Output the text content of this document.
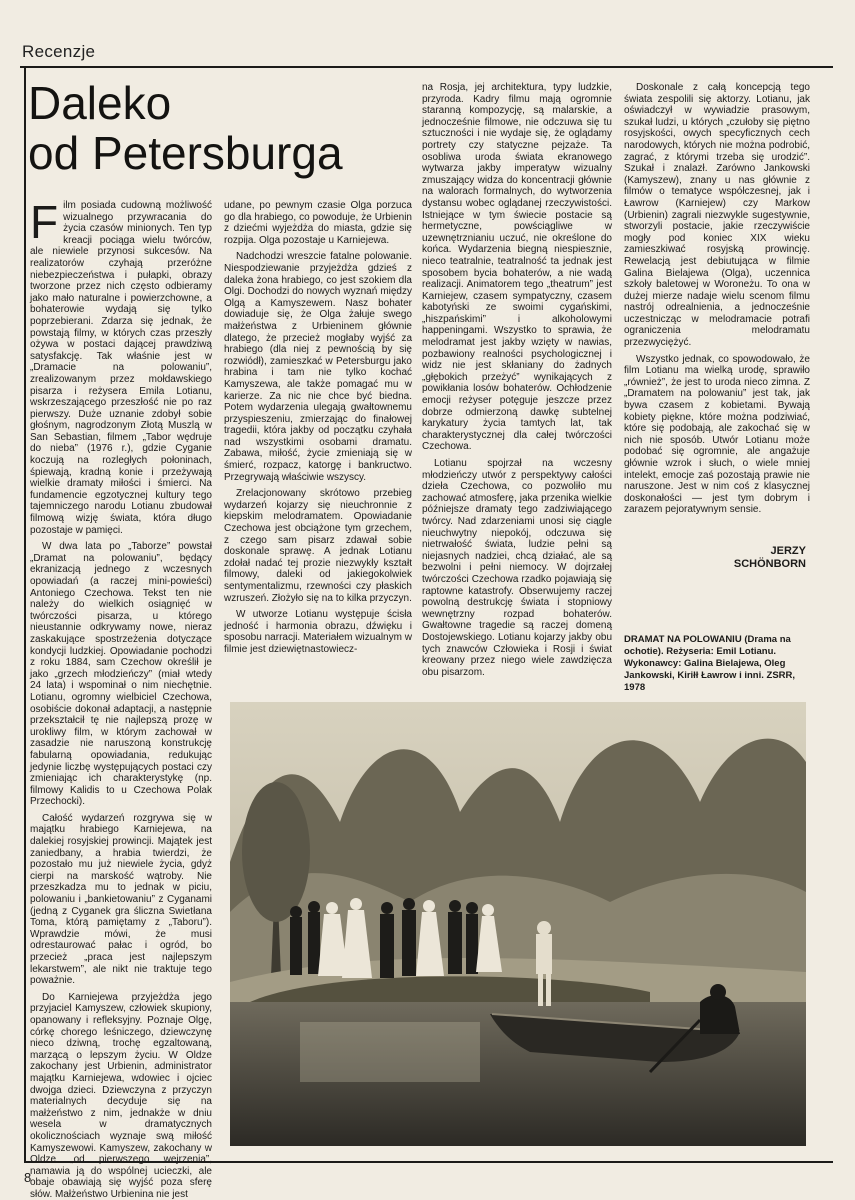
Recenzje
8
Daleko
od Petersburga

Film posiada cudowną możliwość wizualnego przywracania do życia czasów minionych. Ten typ kreacji pociąga wielu twórców, ale niewiele przynosi sukcesów. Na realizatorów czyhają przeróżne niebezpieczeństwa i pułapki, obrazy tworzone przez nich często odbieramy jako mało naturalne i powierzchowne, a bohaterowie wydają się tylko poprzebierani. Zdarza się jednak, że powstają filmy, w których czas przeszły ożywa w postaci dającej prawdziwą satysfakcję. Tak właśnie jest w „Dramacie na polowaniu”, zrealizowanym przez mołdawskiego pisarza i reżysera Emila Lotianu, wskrzeszającego przeszłość nie po raz pierwszy. Duże uznanie zdobył sobie głośnym, nagrodzonym Złotą Muszlą w San Sebastian, filmem „Tabor wędruje do nieba” (1976 r.), gdzie Cyganie koczują na rozległych połoninach, śpiewają, kradną konie i przeżywają wielkie dramaty miłości i śmierci. Na fundamencie egzotycznej kultury tego tajemniczego narodu Lotianu zbudował filmową wizję świata, która długo pozostaje w pamięci.

W dwa lata po „Taborze” powstał „Dramat na polowaniu”, będący ekranizacją jednego z wczesnych opowiadań (a raczej mini-powieści) Antoniego Czechowa. Tekst ten nie należy do wielkich osiągnięć w twórczości pisarza, u którego nieustannie odkrywamy nowe, nieraz zaskakujące spostrzeżenia dotyczące kondycji ludzkiej. Opowiadanie pochodzi z roku 1884, sam Czechow określił je jako „grzech młodzieńczy” (miał wtedy 24 lata) i wspominał o nim niechętnie. Lotianu, ogromny wielbiciel Czechowa, osobiście dokonał adaptacji, a następnie przekształcił tę nie najlepszą prozę w urokliwy film, w którym zachował w zasadzie nie naruszoną konstrukcję fabularną opowiadania, redukując jedynie liczbę występujących postaci czy zmieniając ich charakterystykę (np. filmowy Kalidis to u Czechowa Polak Przechocki).

Całość wydarzeń rozgrywa się w majątku hrabiego Karniejewa, na dalekiej rosyjskiej prowincji. Majątek jest zaniedbany, a hrabia twierdzi, że pozostało mu już niewiele życia, gdyż cierpi na marskość wątroby. Nie przeszkadza mu to jednak w piciu, polowaniu i „bankietowaniu” z Cyganami (jedną z Cyganek gra śliczna Swietłana Toma, którą pamiętamy z „Taboru”). Wprawdzie mówi, że musi odrestaurować pałac i ogród, bo przecież „praca jest najlepszym lekarstwem”, ale nikt nie traktuje tego poważnie.

Do Karniejewa przyjeżdża jego przyjaciel Kamyszew, człowiek skupiony, opanowany i refleksyjny. Poznaje Olgę, córkę chorego leśniczego, dziewczynę nieco dziwną, trochę egzaltowaną, marzącą o lepszym życiu. W Oldze zakochany jest Urbienin, administrator majątku Karniejewa, wdowiec i ojciec dwojga dzieci. Dziewczyna z przyczyn materialnych decyduje się na małżeństwo z nim, jednakże w dniu wesela w dramatycznych okolicznościach wyznaje swą miłość Kamyszewowi. Kamyszew, zakochany w Oldze „od pierwszego wejrzenia”, namawia ją do wspólnej ucieczki, ale obaje obawiają się wyjść poza sferę słów. Małżeństwo Urbienina nie jest

udane, po pewnym czasie Olga porzuca go dla hrabiego, co powoduje, że Urbienin z dziećmi wyjeżdża do miasta, gdzie się rozpija. Olga pozostaje u Karniejewa.

Nadchodzi wreszcie fatalne polowanie. Niespodziewanie przyjeżdża gdzieś z daleka żona hrabiego, co jest szokiem dla Olgi. Dochodzi do nowych wyznań między Olgą a Kamyszewem. Nasz bohater dowiaduje się, że Olga żałuje swego małżeństwa z Urbieninem głównie dlatego, że przecież mogłaby wyjść za hrabiego (dla niej z pewnością by się rozwiódł), zamieszkać w Petersburgu jako hrabina i tam nie tylko kochać Kamyszewa, ale także pomagać mu w karierze. Za nic nie chce być biedna. Potem wydarzenia ulegają gwałtownemu przyspieszeniu, zmierzając do finałowej tragedii, która jakby od początku czyhała nad wszystkimi osobami dramatu. Zabawa, miłość, życie zmieniają się w śmierć, rozpacz, katorgę i bankructwo. Przegrywają właściwie wszyscy.

Zrelacjonowany skrótowo przebieg wydarzeń kojarzy się nieuchronnie z kiepskim melodramatem. Opowiadanie Czechowa jest obciążone tym grzechem, z czego sam pisarz zdawał sobie doskonale sprawę. A jednak Lotianu zdołał nadać tej prozie niezwykły kształt filmowy, daleki od jakiegokolwiek sentymentalizmu, rzewności czy płaskich wzruszeń. Złożyło się na to kilka przyczyn.

W utworze Lotianu występuje ścisła jedność i harmonia obrazu, dźwięku i sposobu narracji. Materiałem wizualnym w filmie jest dziewiętnastowiecz-

na Rosja, jej architektura, typy ludzkie, przyroda. Kadry filmu mają ogromnie staranną kompozycję, są malarskie, a jednocześnie filmowe, nie odczuwa się tu sztuczności i nie wydaje się, że oglądamy portrety czy statyczne pejzaże. Ta osobliwa uroda świata ekranowego wytwarza jakby imperatyw wizualny zmuszający widza do koncentracji głównie na walorach formalnych, do wytworzenia dystansu wobec oglądanej rzeczywistości. Istniejące w tym świecie postacie są hermetyczne, powściągliwe w uzewnętrznianiu uczuć, nie określone do końca. Wydarzenia biegną niespiesznie, nieco teatralnie, teatralność ta jednak jest sposobem bycia bohaterów, a nie wadą realizacji. Animatorem tego „theatrum” jest Karniejew, czasem sympatyczny, czasem kabotyński ze swoimi cygańskimi, „hiszpańskimi” i alkoholowymi happeningami. Wszystko to sprawia, że melodramat jest jakby wzięty w nawias, pozbawiony realności psychologicznej i widz nie jest skłaniany do żadnych „głębokich przeżyć” wynikających z powikłania losów bohaterów. Ochłodzenie emocji reżyser potęguje jeszcze przez dobrze odmierzoną dawkę subtelnej karykatury życia tamtych lat, tak charakterystycznej dla całej twórczości Czechowa.

Lotianu spojrzał na wczesny młodzieńczy utwór z perspektywy całości dzieła Czechowa, co pozwoliło mu zachować atmosferę, jaka przenika wielkie późniejsze dramaty tego zadziwiającego twórcy. Nad zdarzeniami unosi się ciągle nieuchwytny niepokój, odczuwa się nietrwałość świata, ludzie pełni są niejasnych nadziei, chcą działać, ale są bezwolni i pełni niemocy. W dojrzałej twórczości Czechowa rzadko pojawiają się raptowne katastrofy. Obserwujemy raczej powolną destrukcję świata i stopniowy wewnętrzny rozpad bohaterów. Gwałtowne tragedie są raczej domeną Dostojewskiego. Lotianu kojarzy jakby obu tych znawców Człowieka i Rosji i świat kreowany przez niego wiele zawdzięcza obu pisarzom.

Doskonale z całą koncepcją tego świata zespolili się aktorzy. Lotianu, jak oświadczył w wywiadzie prasowym, szukał ludzi, u których „czułoby się piętno rosyjskości, owych specyficznych cech narodowych, których nie można podrobić, zagrać, z którymi trzeba się urodzić”. Szukał i znalazł. Zarówno Jankowski (Kamyszew), znany u nas głównie z filmów o tematyce współczesnej, jak i Ławrow (Karniejew) czy Markow (Urbienin) zagrali niezwykle sugestywnie, stworzyli postacie, jakie rzeczywiście mogły pod koniec XIX wieku zamieszkiwać rosyjską prowincję. Rewelacją jest debiutująca w filmie Galina Bielajewa (Olga), uczennica szkoły baletowej w Woroneżu. To ona w dużej mierze nadaje wielu scenom filmu nastrój odrealnienia, a jednocześnie uczestnicząc w melodramacie potrafi ograniczenia melodramatu przezwyciężyć.

Wszystko jednak, co spowodowało, że film Lotianu ma wielką urodę, sprawiło „również”, że jest to uroda nieco zimna. Z „Dramatem na polowaniu” jest tak, jak bywa czasem z kobietami. Bywają kobiety piękne, które można podziwiać, które się podobają, ale zakochać się w nich nie sposób. Utwór Lotianu może podobać się ogromnie, ale angażuje głównie wzrok i słuch, o wiele mniej intelekt, emocje zaś pozostają prawie nie naruszone. Jest w nim coś z klasycznej doskonałości — jest tym dobrym i zarazem pejoratywnym sensie.

JERZY
SCHÖNBORN
DRAMAT NA POLOWANIU (Drama na ochotie). Reżyseria: Emil Lotianu. Wykonawcy: Galina Bielajewa, Oleg Jankowski, Kiriłł Ławrow i inni. ZSRR, 1978
